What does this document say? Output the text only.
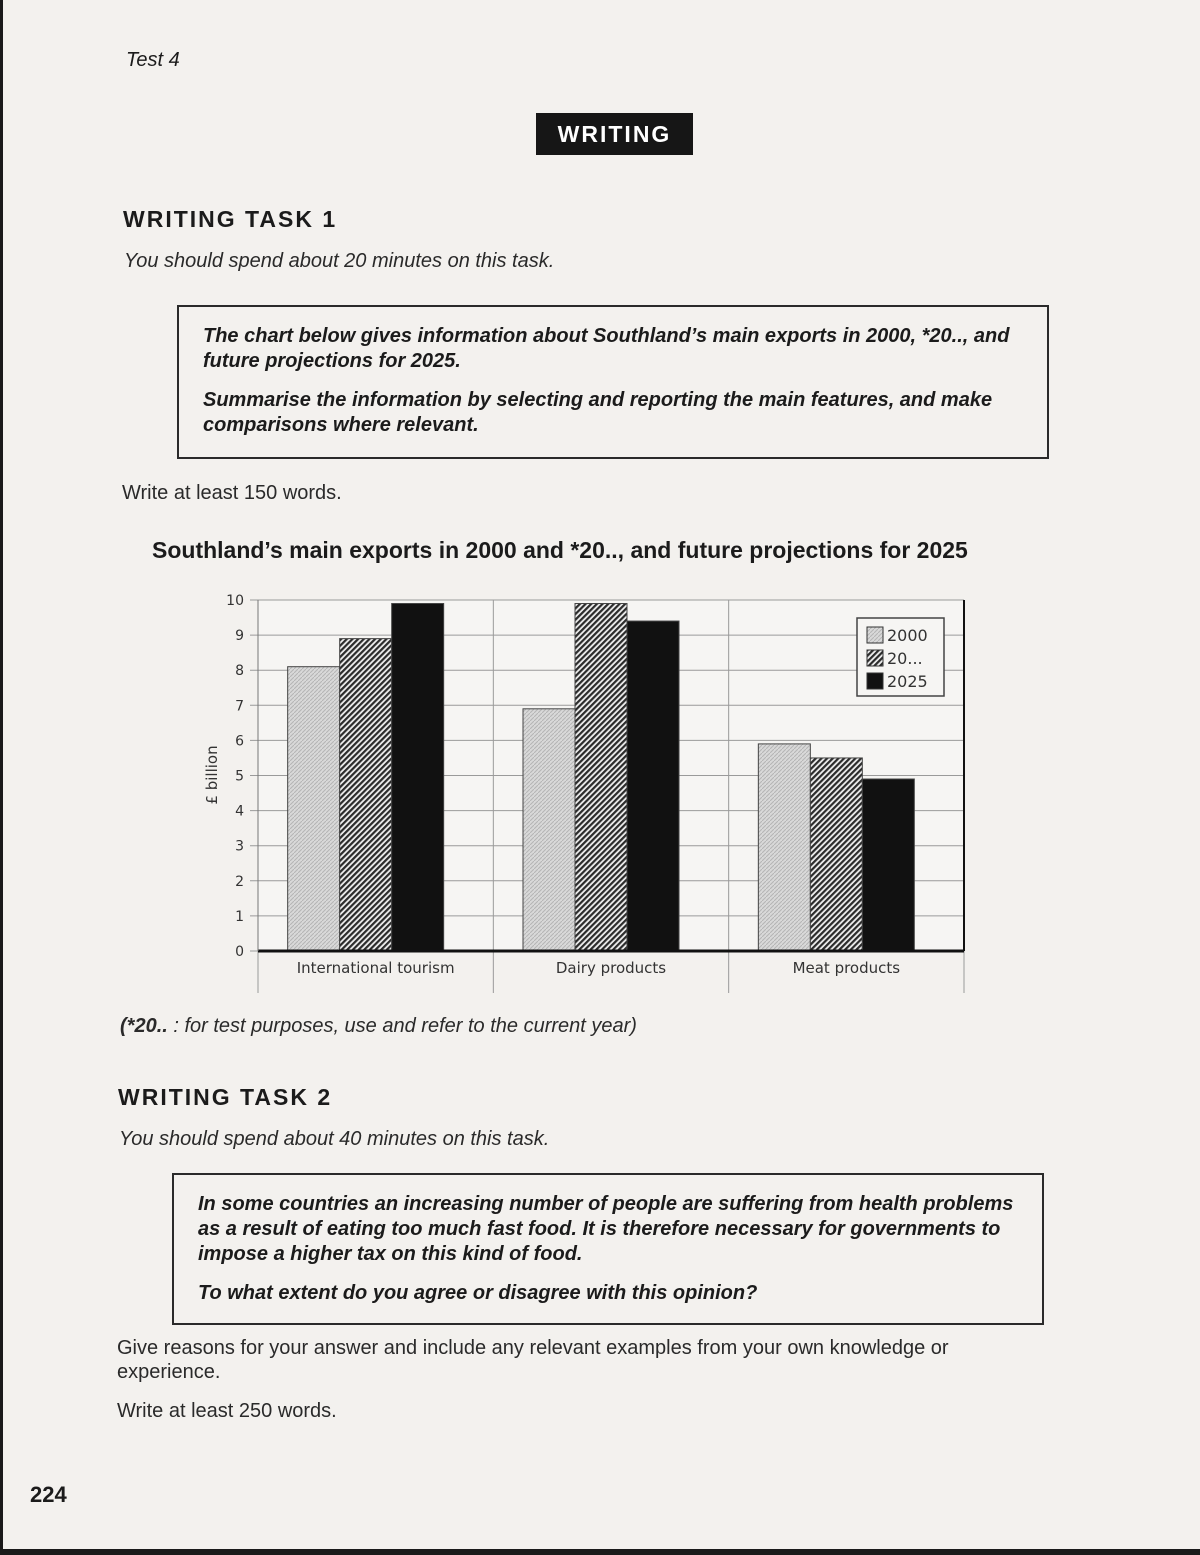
Test 4
WRITING
WRITING TASK 1
You should spend about 20 minutes on this task.

The chart below gives information about Southland’s main exports in 2000, *20.., and future projections for 2025.

Summarise the information by selecting and reporting the main features, and make comparisons where relevant.

Write at least 150 words.
Southland’s main exports in 2000 and *20.., and future projections for 2025
0
1
2
3
4
5
6
7
8
9
10
International tourism	Dairy products	Meat products
2000
20...
2025
£ billion
(*20.. : for test purposes, use and refer to the current year)
WRITING TASK 2
You should spend about 40 minutes on this task.

In some countries an increasing number of people are suffering from health problems as a result of eating too much fast food. It is therefore necessary for governments to impose a higher tax on this kind of food.

To what extent do you agree or disagree with this opinion?

Give reasons for your answer and include any relevant examples from your own knowledge or experience.
Write at least 250 words.
224
